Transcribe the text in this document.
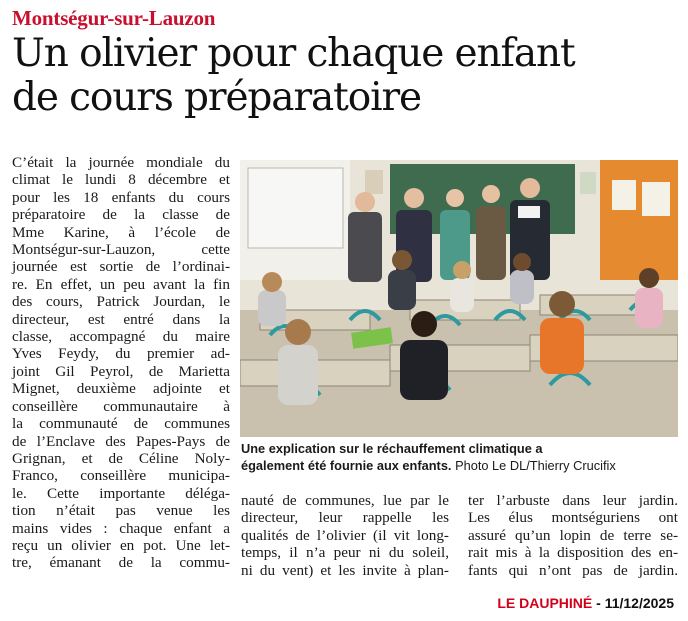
Montségur-sur-Lauzon
Un olivier pour chaque enfant
de cours préparatoire
C’était la journée mondiale du
climat le lundi 8 décembre et
pour les 18 enfants du cours
préparatoire de la classe de
Mme Karine, à l’école de
Montségur-sur-Lauzon, cette
journée est sortie de l’ordinai-
re. En effet, un peu avant la fin
des cours, Patrick Jourdan, le
directeur, est entré dans la
classe, accompagné du maire
Yves Feydy, du premier ad-
joint Gil Peyrol, de Marietta
Mignet, deuxième adjointe et
conseillère communautaire à
la communauté de communes
de l’Enclave des Papes-Pays de
Grignan, et de Céline Noly-
Franco, conseillère municipa-
le. Cette importante déléga-
tion n’était pas venue les
mains vides : chaque enfant a
reçu un olivier en pot. Une let-
tre, émanant de la commu-
Une explication sur le réchauffement climatique a
également été fournie aux enfants. Photo Le DL/Thierry Crucifix
nauté de communes, lue par le
directeur, leur rappelle les
qualités de l’olivier (il vit long-
temps, il n’a peur ni du soleil,
ni du vent) et les invite à plan-
ter l’arbuste dans leur jardin.
Les élus montséguriens ont
assuré qu’un lopin de terre se-
rait mis à la disposition des en-
fants qui n’ont pas de jardin.
LE DAUPHINÉ - 11/12/2025
